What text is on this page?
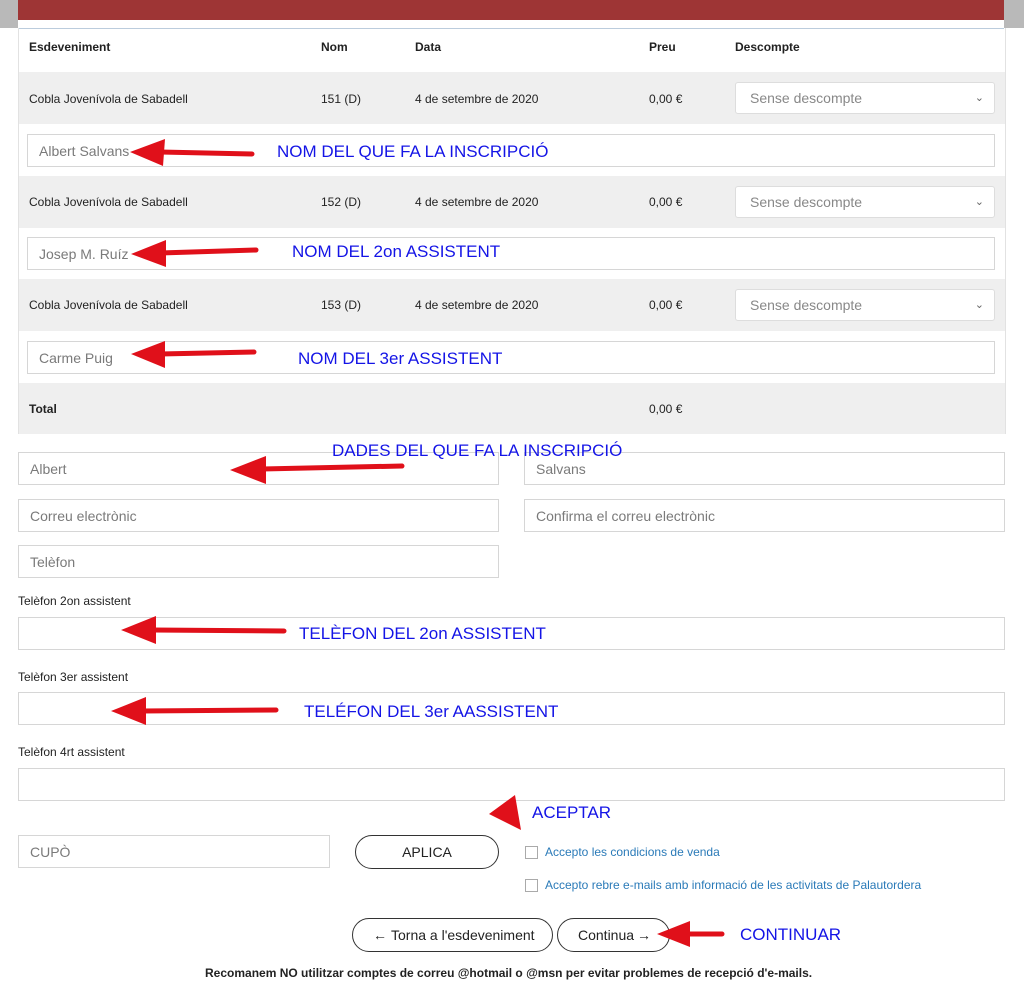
Esdeveniment	Nom	Data	Preu	Descompte
Cobla Jovenívola de Sabadell	151 (D)	4 de setembre de 2020	0,00 €	Sense descompte	⌄
Albert Salvans
Cobla Jovenívola de Sabadell	152 (D)	4 de setembre de 2020	0,00 €	Sense descompte	⌄
Josep M. Ruíz
Cobla Jovenívola de Sabadell	153 (D)	4 de setembre de 2020	0,00 €	Sense descompte	⌄
Carme Puig
Total	0,00 €
Albert	Salvans
Correu electrònic	Confirma el correu electrònic
Telèfon
Telèfon 2on assistent
Telèfon 3er assistent
Telèfon 4rt assistent
CUPÒ	APLICA	Accepto les condicions de venda
Accepto rebre e-mails amb informació de les activitats de Palautordera
← Torna a l'esdeveniment	Continua →
Recomanem NO utilitzar comptes de correu @hotmail o @msn per evitar problemes de recepció d'e-mails.
NOM DEL QUE FA LA INSCRIPCIÓ
NOM DEL 2on ASSISTENT
NOM DEL 3er ASSISTENT
DADES DEL QUE FA LA INSCRIPCIÓ
TELÈFON DEL 2on ASSISTENT
TELÉFON DEL 3er AASSISTENT
ACEPTAR
CONTINUAR
